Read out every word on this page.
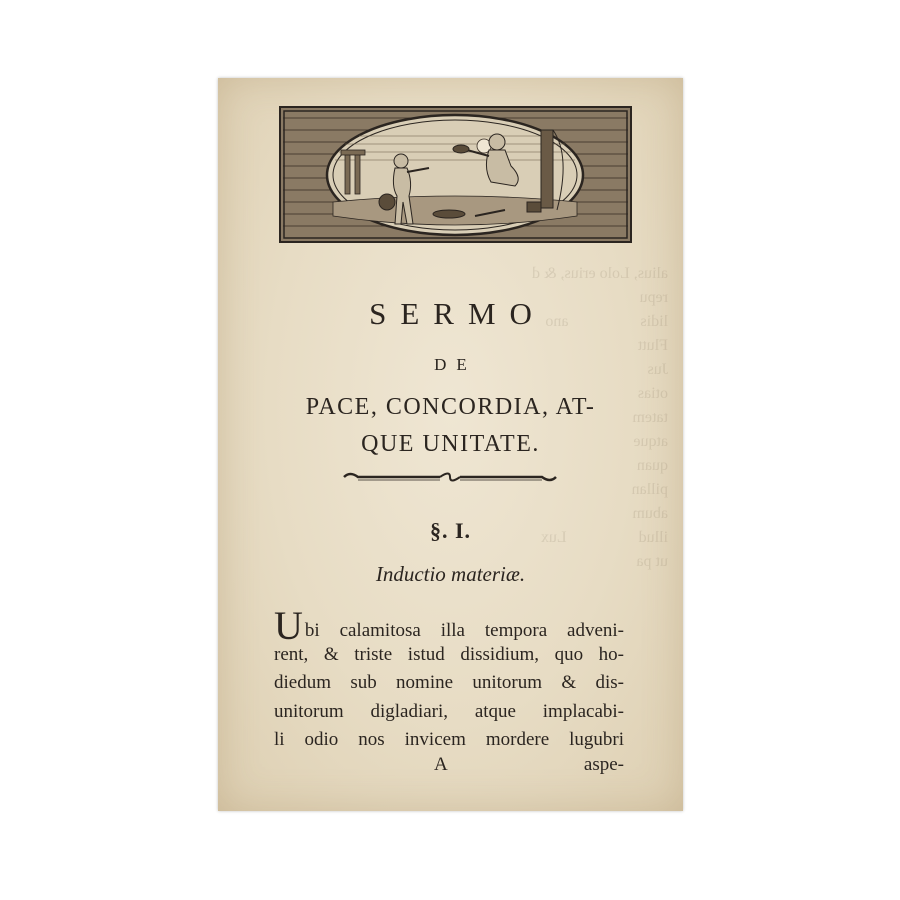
alius, Lolo erius, & d
repu
lidis                  ano
Flutt
Jus
otias
tatem
atque
quan
pillan
abum
illud                  Lux
ut pa

SERMO
DE
PACE, CONCORDIA, AT-
QUE UNITATE.
§. I.
Inductio materiæ.
Ubi calamitosa illa tempora adveni-
rent, & triste istud dissidium, quo ho-
diedum sub nomine unitorum & dis-
unitorum digladiari, atque implacabi-
li odio nos invicem mordere lugubri
A	aspe-
